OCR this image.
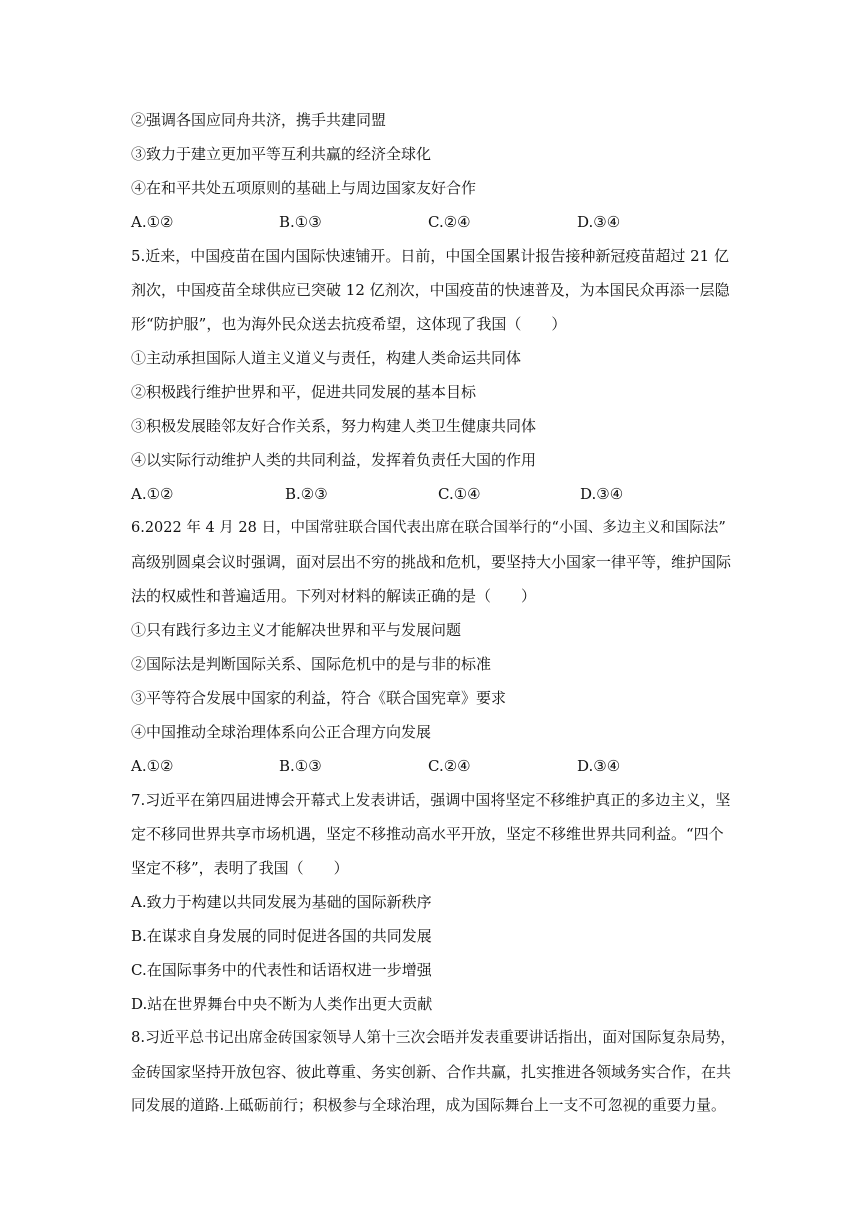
②强调各国应同舟共济，携手共建同盟
③致力于建立更加平等互利共赢的经济全球化
④在和平共处五项原则的基础上与周边国家友好合作
A.①②	B.①③	C.②④	D.③④
5.近来，中国疫苗在国内国际快速铺开。日前，中国全国累计报告接种新冠疫苗超过 21 亿
剂次，中国疫苗全球供应已突破 12 亿剂次，中国疫苗的快速普及，为本国民众再添一层隐
形“防护服”，也为海外民众送去抗疫希望，这体现了我国（　　）
①主动承担国际人道主义道义与责任，构建人类命运共同体
②积极践行维护世界和平，促进共同发展的基本目标
③积极发展睦邻友好合作关系，努力构建人类卫生健康共同体
④以实际行动维护人类的共同利益，发挥着负责任大国的作用
A.①②	B.②③	C.①④	D.③④
6.2022 年 4 月 28 日，中国常驻联合国代表出席在联合国举行的“小国、多边主义和国际法”
高级别圆桌会议时强调，面对层出不穷的挑战和危机，要坚持大小国家一律平等，维护国际
法的权威性和普遍适用。下列对材料的解读正确的是（　　）
①只有践行多边主义才能解决世界和平与发展问题
②国际法是判断国际关系、国际危机中的是与非的标准
③平等符合发展中国家的利益，符合《联合国宪章》要求
④中国推动全球治理体系向公正合理方向发展
A.①②	B.①③	C.②④	D.③④
7.习近平在第四届进博会开幕式上发表讲话，强调中国将坚定不移维护真正的多边主义，坚
定不移同世界共享市场机遇，坚定不移推动高水平开放，坚定不移维世界共同利益。“四个
坚定不移”，表明了我国（　　）
A.致力于构建以共同发展为基础的国际新秩序
B.在谋求自身发展的同时促进各国的共同发展
C.在国际事务中的代表性和话语权进一步增强
D.站在世界舞台中央不断为人类作出更大贡献
8.习近平总书记出席金砖国家领导人第十三次会晤并发表重要讲话指出，面对国际复杂局势，
金砖国家坚持开放包容、彼此尊重、务实创新、合作共赢，扎实推进各领域务实合作，在共
同发展的道路.上砥砺前行；积极参与全球治理，成为国际舞台上一支不可忽视的重要力量。
